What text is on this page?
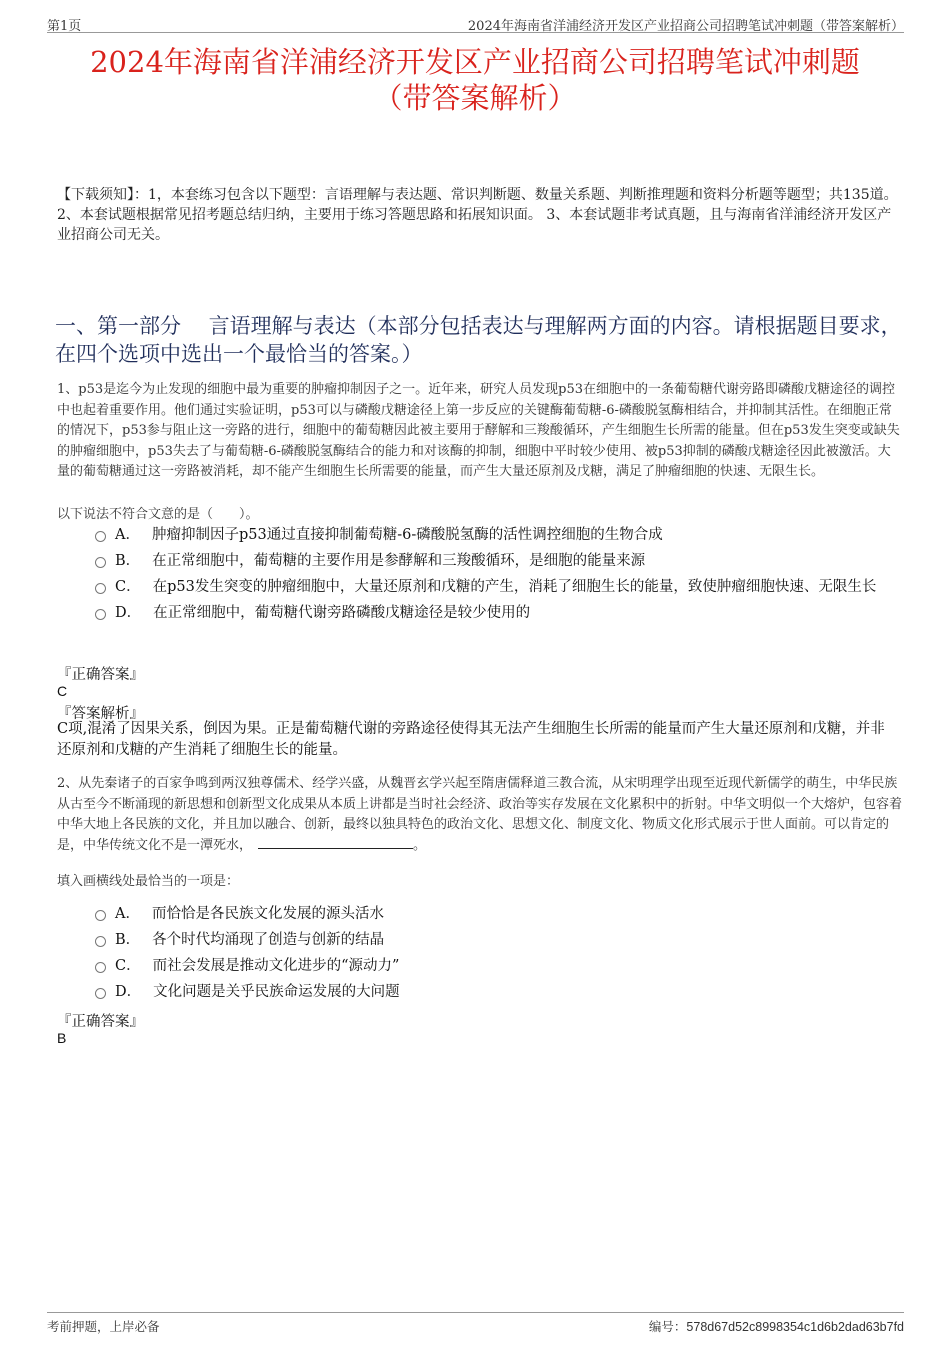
第1页	2024年海南省洋浦经济开发区产业招商公司招聘笔试冲刺题（带答案解析）
2024年海南省洋浦经济开发区产业招商公司招聘笔试冲刺题
（带答案解析）

【下载须知】：1，本套练习包含以下题型：言语理解与表达题、常识判断题、数量关系题、判断推理题和资料分析题等题型；共135道。 2、本套试题根据常见招考题总结归纳，主要用于练习答题思路和拓展知识面。 3、本套试题非考试真题，且与海南省洋浦经济开发区产业招商公司无关。

一、第一部分　 言语理解与表达（本部分包括表达与理解两方面的内容。请根据题目要求，在四个选项中选出一个最恰当的答案。）

1、p53是迄今为止发现的细胞中最为重要的肿瘤抑制因子之一。近年来，研究人员发现p53在细胞中的一条葡萄糖代谢旁路即磷酸戊糖途径的调控中也起着重要作用。他们通过实验证明，p53可以与磷酸戊糖途径上第一步反应的关键酶葡萄糖-6-磷酸脱氢酶相结合，并抑制其活性。在细胞正常的情况下，p53参与阻止这一旁路的进行，细胞中的葡萄糖因此被主要用于酵解和三羧酸循环，产生细胞生长所需的能量。但在p53发生突变或缺失的肿瘤细胞中，p53失去了与葡萄糖-6-磷酸脱氢酶结合的能力和对该酶的抑制，细胞中平时较少使用、被p53抑制的磷酸戊糖途径因此被激活。大量的葡萄糖通过这一旁路被消耗，却不能产生细胞生长所需要的能量，而产生大量还原剂及戊糖，满足了肿瘤细胞的快速、无限生长。

以下说法不符合文意的是（　　）。

A． 肿瘤抑制因子p53通过直接抑制葡萄糖-6-磷酸脱氢酶的活性调控细胞的生物合成
B． 在正常细胞中，葡萄糖的主要作用是参酵解和三羧酸循环，是细胞的能量来源
C． 在p53发生突变的肿瘤细胞中，大量还原剂和戊糖的产生，消耗了细胞生长的能量，致使肿瘤细胞快速、无限生长
D． 在正常细胞中，葡萄糖代谢旁路磷酸戊糖途径是较少使用的

『正确答案』

C

『答案解析』

C项,混淆了因果关系，倒因为果。正是葡萄糖代谢的旁路途径使得其无法产生细胞生长所需的能量而产生大量还原剂和戊糖，并非还原剂和戊糖的产生消耗了细胞生长的能量。

2、从先秦诸子的百家争鸣到两汉独尊儒术、经学兴盛，从魏晋玄学兴起至隋唐儒释道三教合流，从宋明理学出现至近现代新儒学的萌生，中华民族从古至今不断涌现的新思想和创新型文化成果从本质上讲都是当时社会经济、政治等实存发展在文化累积中的折射。中华文明似一个大熔炉，包容着中华大地上各民族的文化，并且加以融合、创新，最终以独具特色的政治文化、思想文化、制度文化、物质文化形式展示于世人面前。可以肯定的是，中华传统文化不是一潭死水，	。

填入画横线处最恰当的一项是：

A． 而恰恰是各民族文化发展的源头活水
B． 各个时代均涌现了创造与创新的结晶
C． 而社会发展是推动文化进步的“源动力”
D． 文化问题是关乎民族命运发展的大问题

『正确答案』

B

考前押题，上岸必备	编号：578d67d52c8998354c1d6b2dad63b7fd
